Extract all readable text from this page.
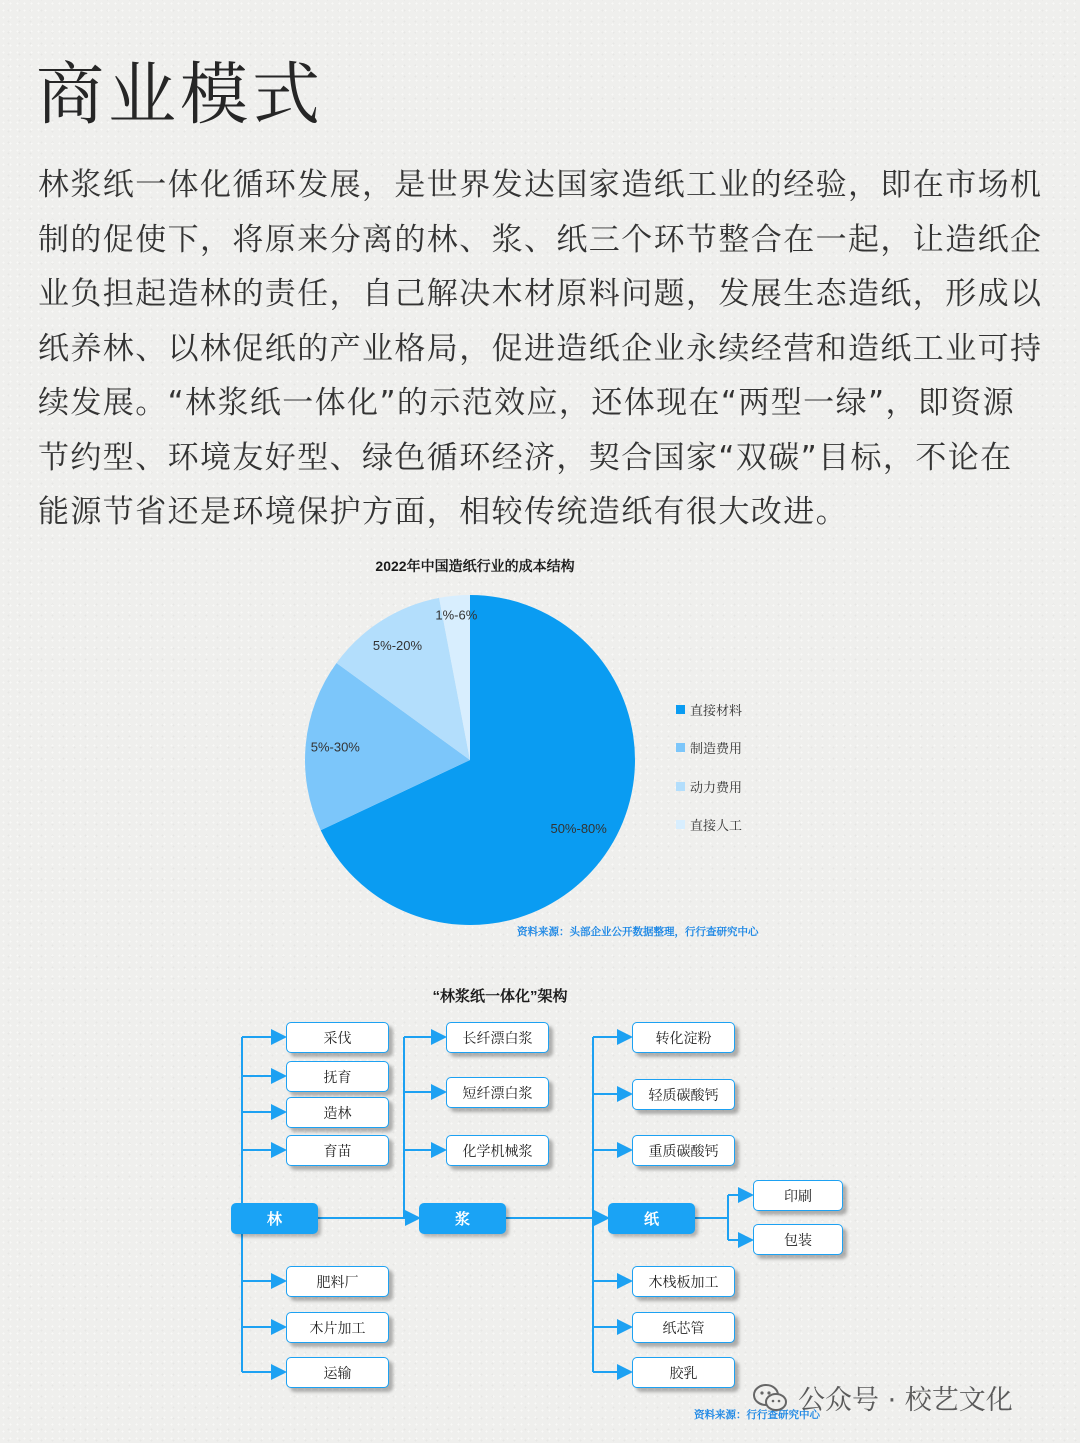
商业模式

林浆纸一体化循环发展，是世界发达国家造纸工业的经验，即在市场机制的促使下，将原来分离的林、浆、纸三个环节整合在一起，让造纸企业负担起造林的责任，自己解决木材原料问题，发展生态造纸，形成以纸养林、以林促纸的产业格局，促进造纸企业永续经营和造纸工业可持续发展。“林浆纸一体化”的示范效应，还体现在“两型一绿”，即资源节约型、环境友好型、绿色循环经济，契合国家“双碳”目标，不论在能源节省还是环境保护方面，相较传统造纸有很大改进。

2022年中国造纸行业的成本结构
50%-80%
5%-30%
5%-20%
1%-6%
直接材料
制造费用
动力费用
直接人工
资料来源：头部企业公开数据整理，行行查研究中心
“林浆纸一体化”架构
林	浆	纸
采伐
抚育
造林
育苗
肥料厂
木片加工
运输
长纤漂白浆
短纤漂白浆
化学机械浆
转化淀粉
轻质碳酸钙
重质碳酸钙
印刷
包装
木栈板加工
纸芯管
胶乳
资料来源：行行查研究中心
公众号 · 校艺文化
